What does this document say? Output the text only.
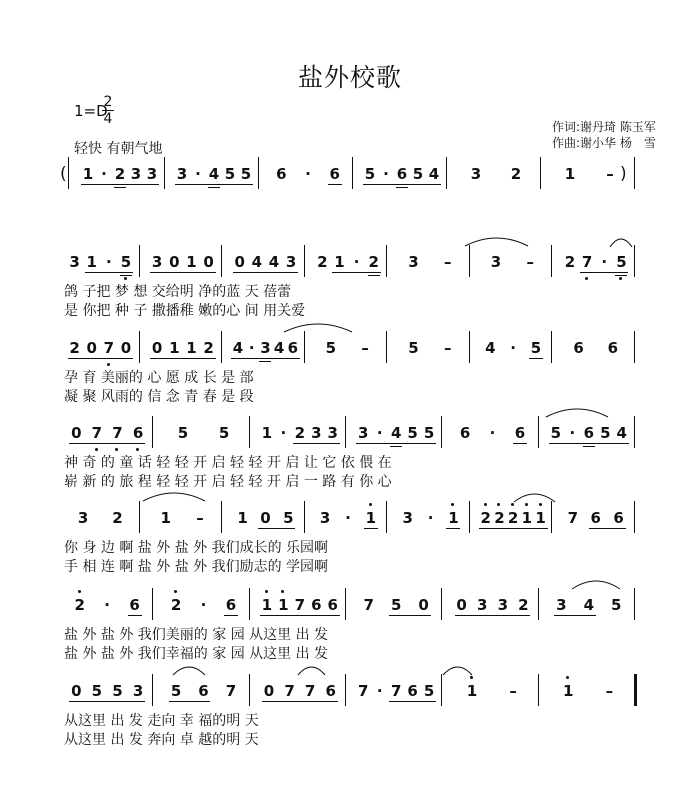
盐外校歌
1=D
2
4
轻快 有朝气地
作词:谢丹琦 陈玉军
作曲:谢小华 杨　雪
( 1 · 2 3 3 3 · 4 5 5 6 · 6 5 · 6 5 4 3 2	1 – )
3 1 · 5 3 0 1 0 0 4 4 3 2 1 · 2 3 –	3 – 2 7 · 5
鸽 子把 梦 想 交给明 净的蓝 天 蓓蕾
是 你把 种 子 撒播稚 嫩的心 间 用关爱
2 0 7 0 0 1 1 2 4 · 3 4 6 5 –	5 – 4 · 5 6 6
孕 育 美丽的 心 愿 成 长 是 部
凝 聚 风雨的 信 念 青 春 是 段
0 7 7 6 5 5 1 · 2 3 3 3 · 4 5 5 6 · 6 5 · 6 5 4
神 奇 的 童 话 轻 轻 开 启 轻 轻 开 启 让 它 依 偎 在
崭 新 的 旅 程 轻 轻 开 启 轻 轻 开 启 一 路 有 你 心
3 2	1 – 1 0 5 3 · 1 3 · 1 2 2 2 1 1 7 6 6
你 身 边 啊 盐 外 盐 外 我们成长的 乐园啊
手 相 连 啊 盐 外 盐 外 我们励志的 学园啊
2 · 6 2 · 6 1 1 7 6 6 7 5 0 0 3 3 2 3 4 5
盐 外 盐 外 我们美丽的 家 园 从这里 出 发
盐 外 盐 外 我们幸福的 家 园 从这里 出 发
0 5 5 3 5 6 7 0 7 7 6 7 · 7 6 5 1 –	1 –
从这里 出 发 走向 幸 福的明 天
从这里 出 发 奔向 卓 越的明 天
